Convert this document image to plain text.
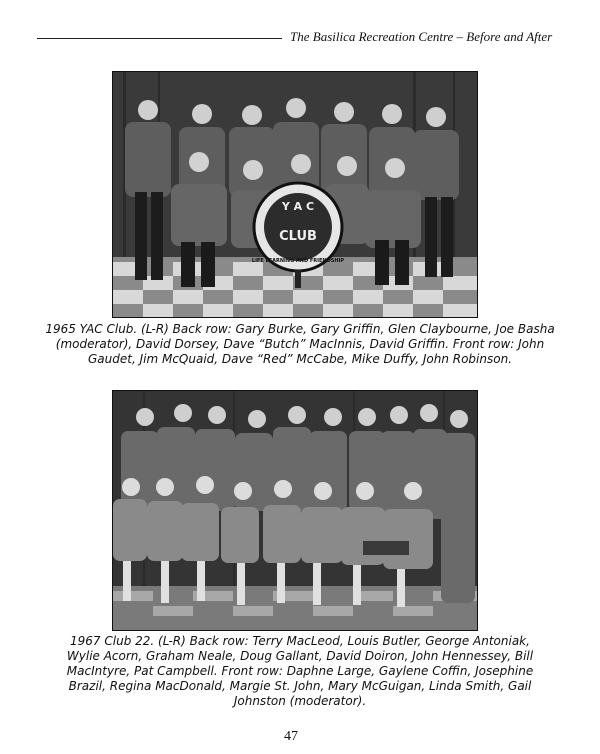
The Basilica Recreation Centre – Before and After
Y A C
CLUB
LIFE LEARNING AND FRIENDSHIP
1965 YAC Club. (L-R) Back row: Gary Burke, Gary Griffin, Glen Claybourne, Joe Basha (moderator), David Dorsey, Dave “Butch” MacInnis, David Griffin. Front row: John Gaudet, Jim McQuaid, Dave “Red” McCabe, Mike Duffy, John Robinson.
1967 Club 22. (L-R) Back row: Terry MacLeod, Louis Butler, George Antoniak, Wylie Acorn, Graham Neale, Doug Gallant, David Doiron, John Hennessey, Bill MacIntyre, Pat Campbell. Front row: Daphne Large, Gaylene Coffin, Josephine Brazil, Regina MacDonald, Margie St. John, Mary McGuigan, Linda Smith, Gail Johnston (moderator).
47
